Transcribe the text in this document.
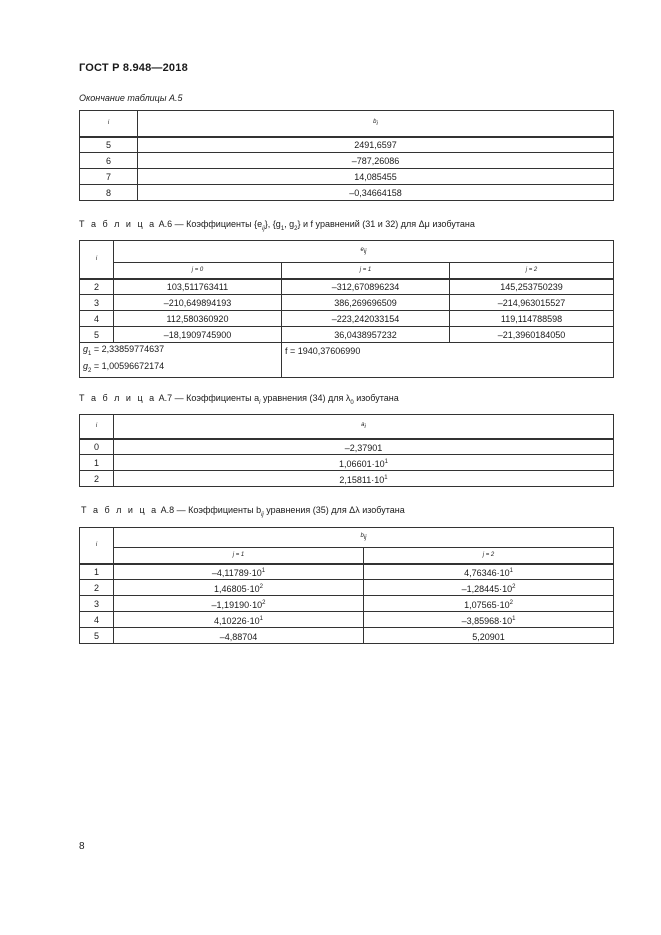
ГОСТ Р 8.948—2018
Окончание таблицы А.5
i	$b_i$
5	2491,6597
6	–787,26086
7	14,085455
8	–0,34664158
Т а б л и ц а А.6 — Коэффициенты $\{e_{ij}\}$, {$g_1$, $g_2$} и f уравнений (31 и 32) для Δμ изобутана
i	$e_{ij}$
	j = 0	j = 1	j = 2
2	103,511763411	–312,670896234	145,253750239
3	–210,649894193	386,269696509	–214,963015527
4	112,580360920	–223,242033154	119,114788598
5	–18,1909745900	36,0438957232	–21,3960184050

$g_1 = 2,33859774637$
$g_2 = 1,00596672174$		f = 1940,37606990	
Т а б л и ц а А.7 — Коэффициенты $a_i$ уравнения (34) для $\lambda_0$ изобутана
i	$a_i$
0	–2,37901
1	$1,06601\cdot 10^1$
2	$2,15811\cdot 10^1$
Т а б л и ц а А.8 — Коэффициенты $b_{ij}$ уравнения (35) для Δλ изобутана
i	$b_{ij}$
	j = 1	j = 2
1	$-4,11789\cdot 10^1$	$4,76346\cdot 10^1$
2	$1,46805\cdot 10^2$	$-1,28445\cdot 10^2$
3	$-1,19190\cdot 10^2$	$1,07565\cdot 10^2$
4	$4,10226\cdot 10^1$	$-3,85968\cdot 10^1$
5	–4,88704	5,20901
8
